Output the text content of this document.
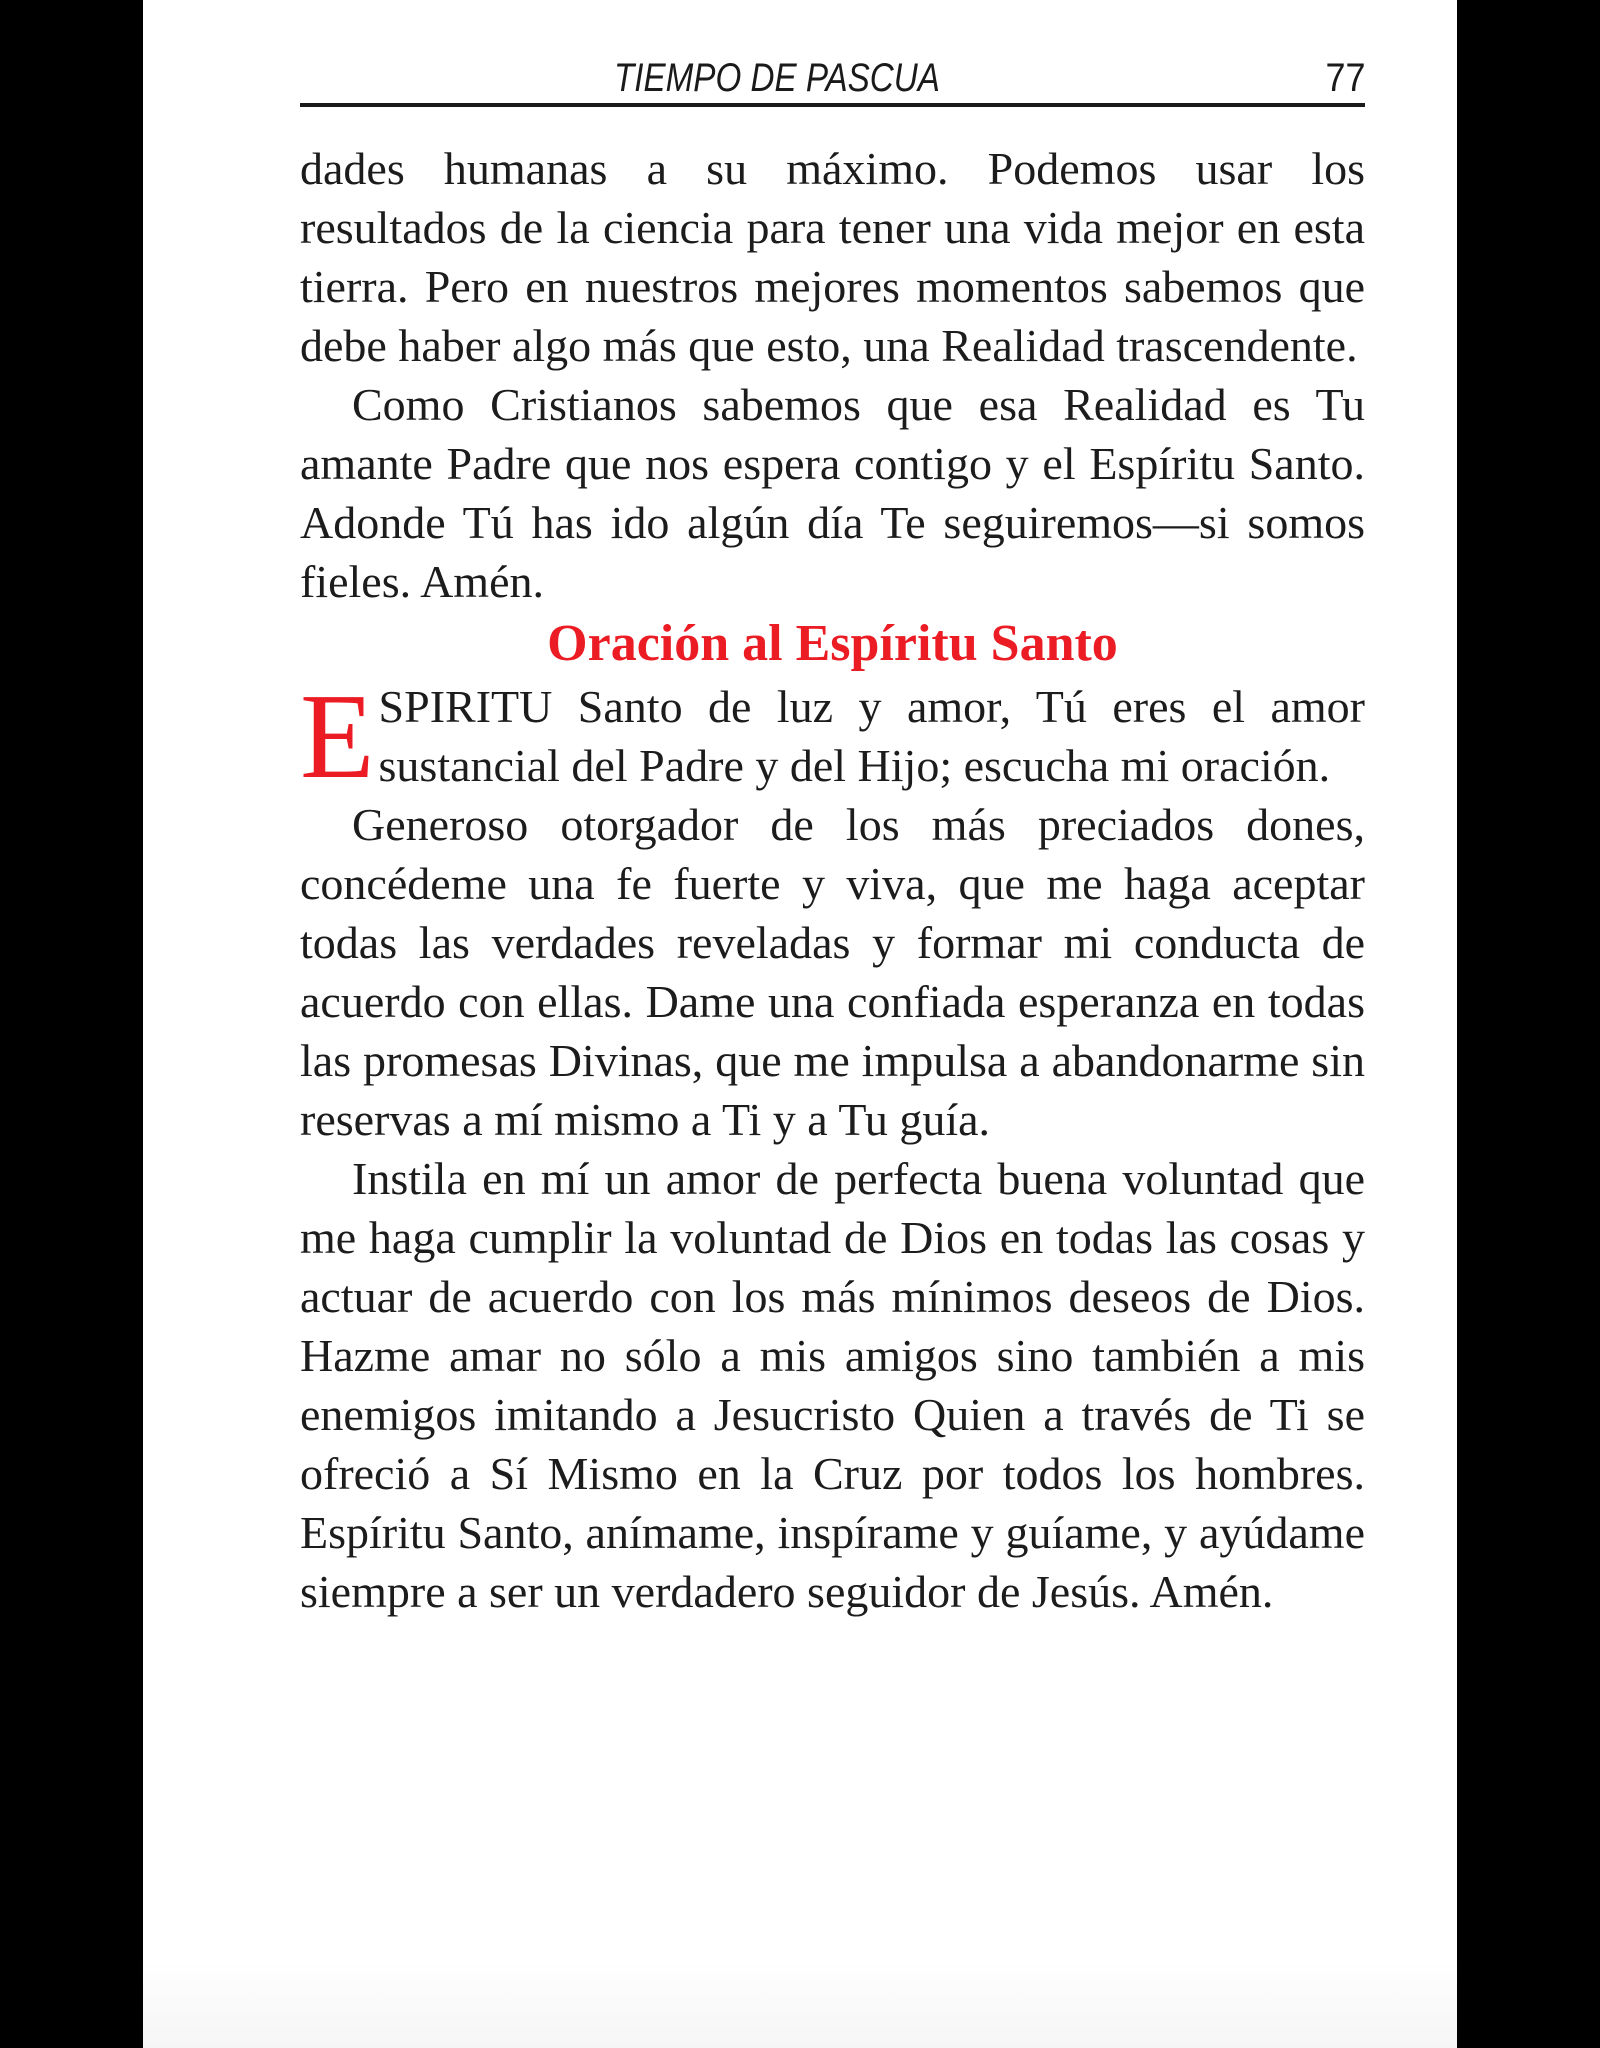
TIEMPO DE PASCUA	77

dades humanas a su máximo. Podemos usar los resultados de la ciencia para tener una vida mejor en esta tierra. Pero en nuestros mejores momentos sabemos que debe haber algo más que esto, una Realidad trascendente.

Como Cristianos sabemos que esa Realidad es Tu amante Padre que nos espera contigo y el Espíritu Santo. Adonde Tú has ido algún día Te seguiremos—si somos fieles. Amén.

Oración al Espíritu Santo

ESPIRITU Santo de luz y amor, Tú eres el amor sustancial del Padre y del Hijo; escucha mi oración.

Generoso otorgador de los más preciados dones, concédeme una fe fuerte y viva, que me haga aceptar todas las verdades reveladas y formar mi conducta de acuerdo con ellas. Dame una confiada esperanza en todas las promesas Divinas, que me impulsa a abandonarme sin reservas a mí mismo a Ti y a Tu guía.

Instila en mí un amor de perfecta buena voluntad que me haga cumplir la voluntad de Dios en todas las cosas y actuar de acuerdo con los más mínimos deseos de Dios. Hazme amar no sólo a mis amigos sino también a mis enemigos imitando a Jesucristo Quien a través de Ti se ofreció a Sí Mismo en la Cruz por todos los hombres. Espíritu Santo, anímame, inspírame y guíame, y ayúdame siempre a ser un verdadero seguidor de Jesús. Amén.
